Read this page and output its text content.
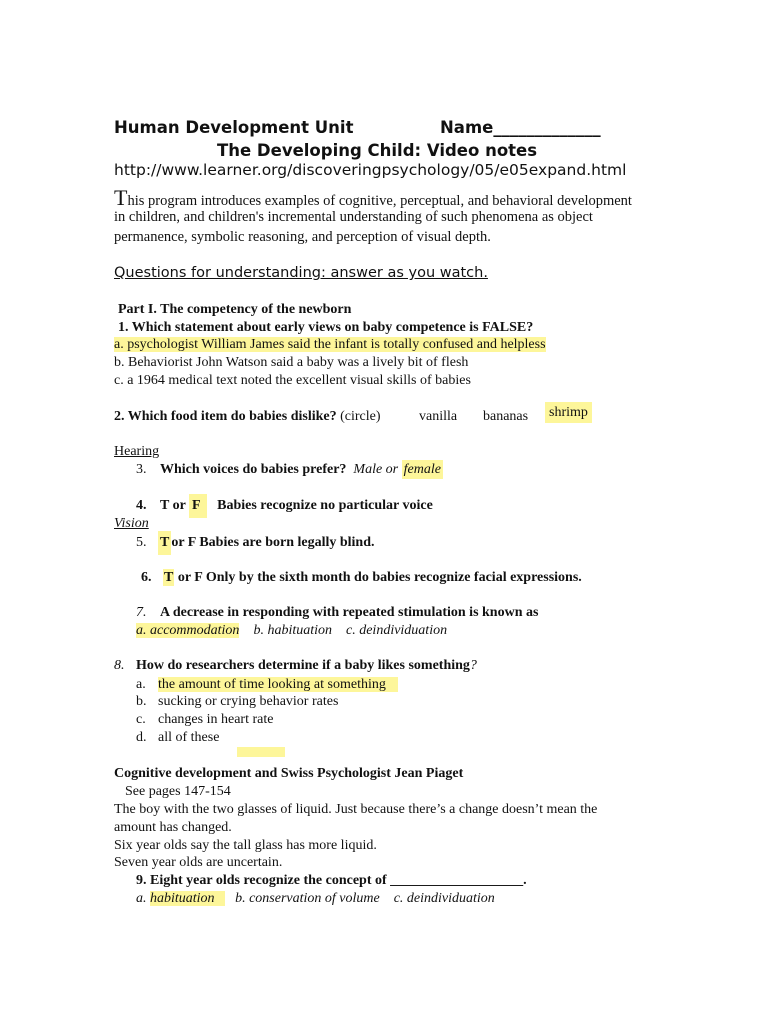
Human Development Unit	Name_____________
The Developing Child: Video notes
http://www.learner.org/discoveringpsychology/05/e05expand.html
This program introduces examples of cognitive, perceptual, and behavioral development
in children, and children's incremental understanding of such phenomena as object
permanence, symbolic reasoning, and perception of visual depth.
Questions for understanding: answer as you watch.
Part I. The competency of the newborn
1. Which statement about early views on baby competence is FALSE?
a. psychologist William James said the infant is totally confused and helpless
b. Behaviorist John Watson said a baby was a lively bit of flesh
c. a 1964 medical text noted the excellent visual skills of babies
2. Which food item do babies dislike? (circle)	vanilla bananas shrimp
Hearing
3. Which voices do babies prefer? Male or female
4. T or F Babies recognize no particular voice
Vision
5. T or F Babies are born legally blind.
6. T or F Only by the sixth month do babies recognize facial expressions.
7. A decrease in responding with repeated stimulation is known as
a. accommodation b. habituation c. deindividuation
8. How do researchers determine if a baby likes something?
a. the amount of time looking at something
b. sucking or crying behavior rates
c. changes in heart rate
d. all of these
Cognitive development and Swiss Psychologist Jean Piaget
See pages 147-154
The boy with the two glasses of liquid. Just because there’s a change doesn’t mean the
amount has changed.
Six year olds say the tall glass has more liquid.
Seven year olds are uncertain.
9. Eight year olds recognize the concept of ___________________.
a. habituation b. conservation of volume c. deindividuation
